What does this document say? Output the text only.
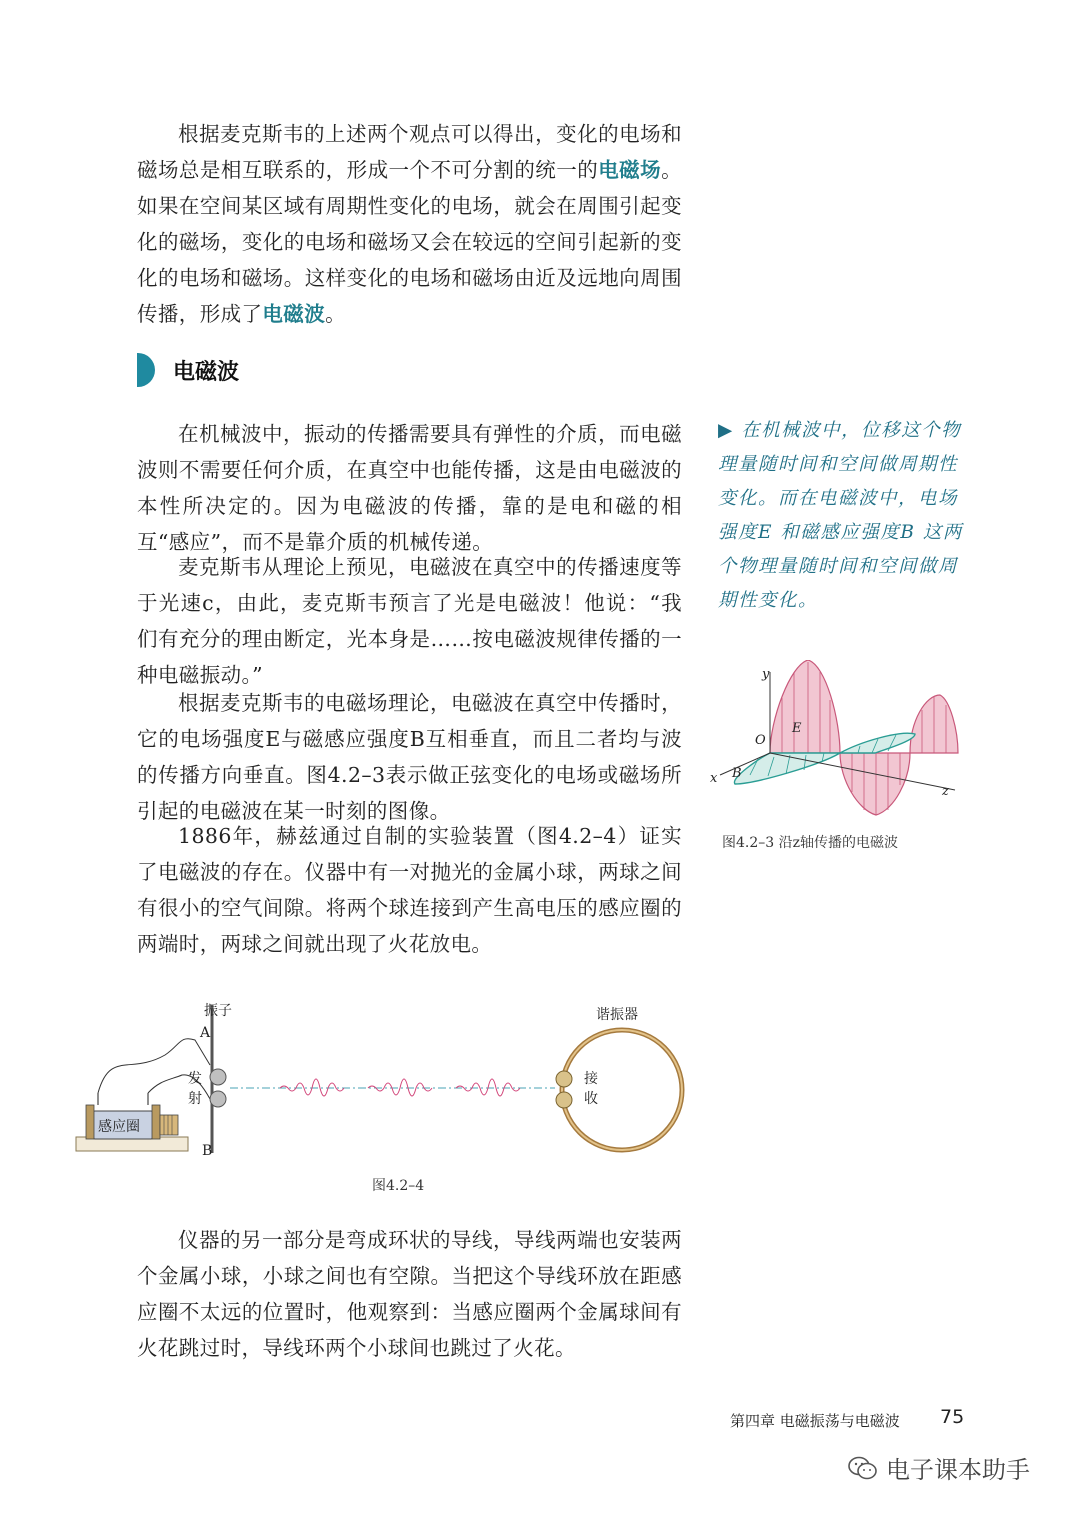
根据麦克斯韦的上述两个观点可以得出，变化的电场和磁场总是相互联系的，形成一个不可分割的统一的电磁场。如果在空间某区域有周期性变化的电场，就会在周围引起变化的磁场，变化的电场和磁场又会在较远的空间引起新的变化的电场和磁场。这样变化的电场和磁场由近及远地向周围传播，形成了电磁波。

电磁波

在机械波中，振动的传播需要具有弹性的介质，而电磁波则不需要任何介质，在真空中也能传播，这是由电磁波的本性所决定的。因为电磁波的传播，靠的是电和磁的相互“感应”，而不是靠介质的机械传递。

麦克斯韦从理论上预见，电磁波在真空中的传播速度等于光速c，由此，麦克斯韦预言了光是电磁波！他说：“我们有充分的理由断定，光本身是……按电磁波规律传播的一种电磁振动。”

根据麦克斯韦的电磁场理论，电磁波在真空中传播时，它的电场强度E与磁感应强度B互相垂直，而且二者均与波的传播方向垂直。图4.2–3表示做正弦变化的电场或磁场所引起的电磁波在某一时刻的图像。

1886年，赫兹通过自制的实验装置（图4.2–4）证实了电磁波的存在。仪器中有一对抛光的金属小球，两球之间有很小的空气间隙。将两个球连接到产生高电压的感应圈的两端时，两球之间就出现了火花放电。

▶ 在机械波中，位移这个物理量随时间和空间做周期性变化。而在电磁波中，电场强度E 和磁感应强度B 这两个物理量随时间和空间做周期性变化。
y
O
E
x B
z
图4.2–3 沿z轴传播的电磁波
感应圈
振子
A
B
发
射
谐振器
接
收
图4.2–4

仪器的另一部分是弯成环状的导线，导线两端也安装两个金属小球，小球之间也有空隙。当把这个导线环放在距感应圈不太远的位置时，他观察到：当感应圈两个金属球间有火花跳过时，导线环两个小球间也跳过了火花。

第四章 电磁振荡与电磁波 75
电子课本助手
